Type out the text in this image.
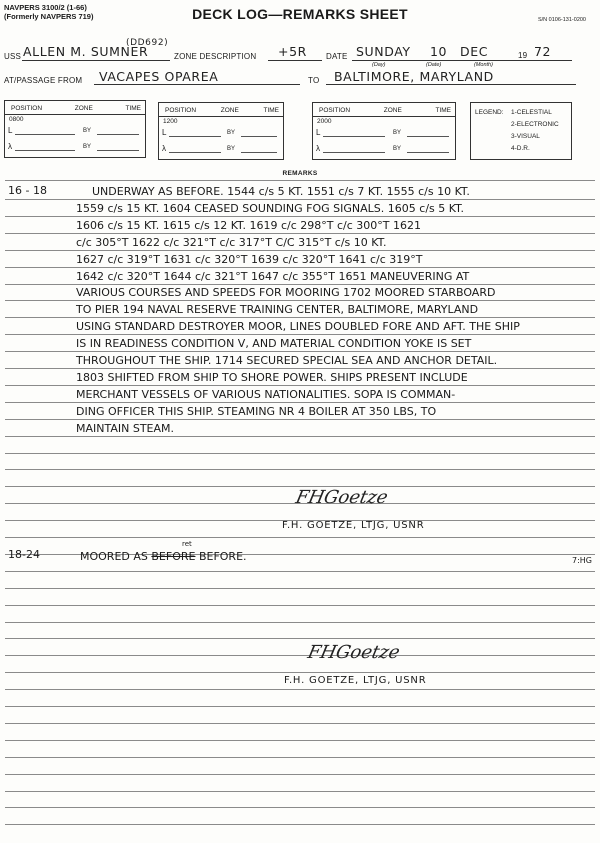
NAVPERS 3100/2 (1-66)
(Formerly NAVPERS 719)	DECK LOG—REMARKS SHEET	S/N 0106-131-0200
USS ALLEN M. SUMNER
(DD692)
ZONE DESCRIPTION +5R DATE SUNDAY 10 DEC	19 72
(Day)	(Date)	(Month)
AT/PASSAGE FROM VACAPES OPAREA	TO BALTIMORE, MARYLAND
POSITION	ZONE	TIME
0800
L	BY
λ	BY
POSITION	ZONE	TIME
1200
L	BY
λ	BY
POSITION	ZONE	TIME
2000
L	BY
λ	BY
LEGEND: 1-CELESTIAL
2-ELECTRONIC
3-VISUAL
4-D.R.
REMARKS
16 - 18	UNDERWAY AS BEFORE. 1544 c/s 5 KT. 1551 c/s 7 KT. 1555 c/s 10 KT.
1559 c/s 15 KT. 1604 CEASED SOUNDING FOG SIGNALS. 1605 c/s 5 KT.
1606 c/s 15 KT. 1615 c/s 12 KT. 1619 c/c 298°T c/c 300°T 1621
c/c 305°T 1622 c/c 321°T c/c 317°T C/C 315°T c/s 10 KT.
1627 c/c 319°T 1631 c/c 320°T 1639 c/c 320°T 1641 c/c 319°T
1642 c/c 320°T 1644 c/c 321°T 1647 c/c 355°T 1651 MANEUVERING AT
VARIOUS COURSES AND SPEEDS FOR MOORING 1702 MOORED STARBOARD
TO PIER 194 NAVAL RESERVE TRAINING CENTER, BALTIMORE, MARYLAND
USING STANDARD DESTROYER MOOR, LINES DOUBLED FORE AND AFT. THE SHIP
IS IN READINESS CONDITION V, AND MATERIAL CONDITION YOKE IS SET
THROUGHOUT THE SHIP. 1714 SECURED SPECIAL SEA AND ANCHOR DETAIL.
1803 SHIFTED FROM SHIP TO SHORE POWER. SHIPS PRESENT INCLUDE
MERCHANT VESSELS OF VARIOUS NATIONALITIES. SOPA IS COMMAN-
DING OFFICER THIS SHIP. STEAMING NR 4 BOILER AT 350 LBS, TO
MAINTAIN STEAM.
FHGoetze
F.H. GOETZE, LTJG, USNR
18-24	MOORED AS BEFORE BEFORE.
ret
7:HG
FHGoetze
F.H. GOETZE, LTJG, USNR
